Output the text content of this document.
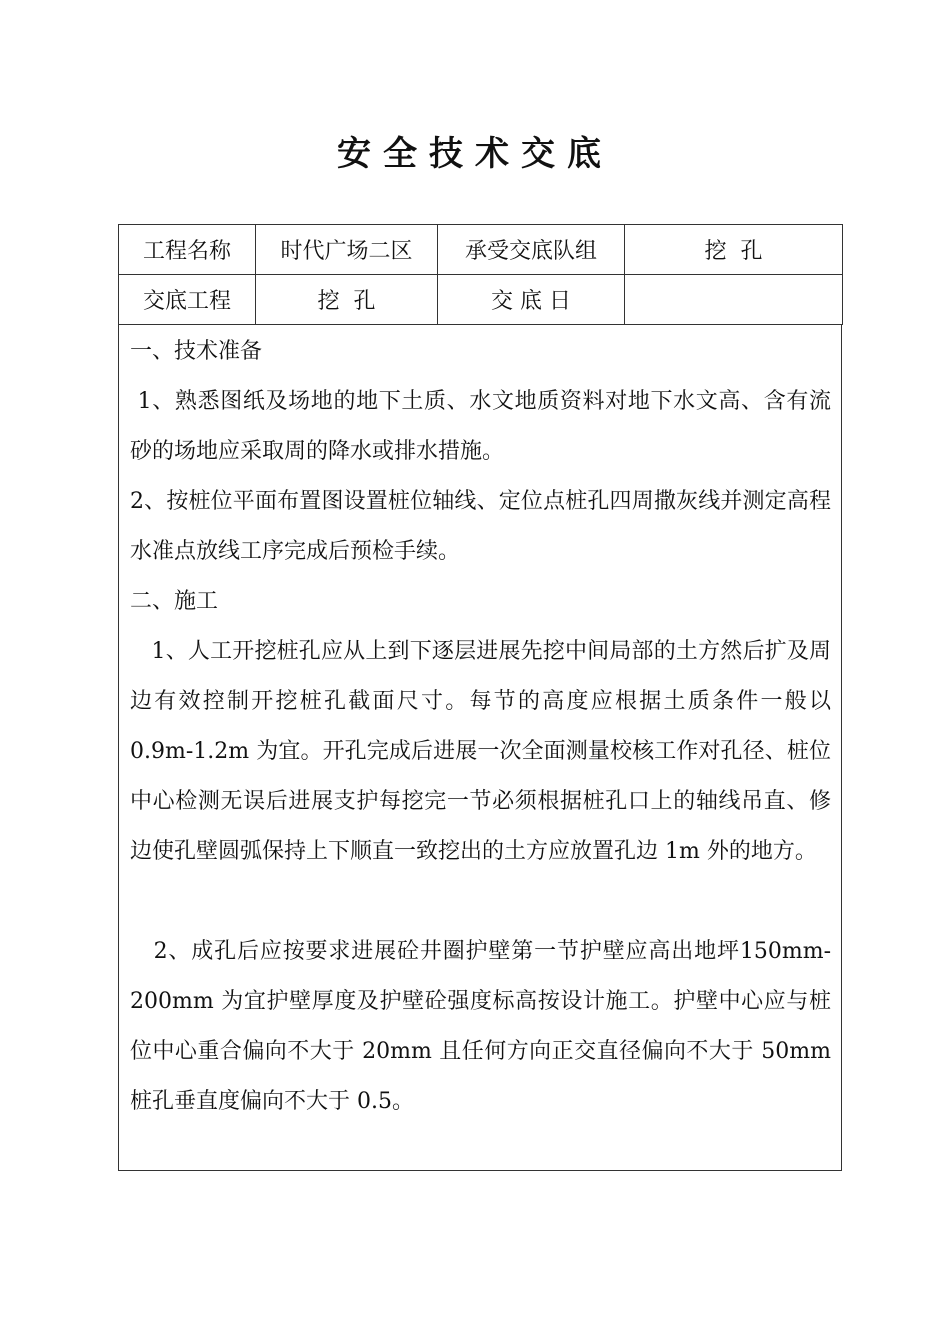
安全技术交底
工程名称	时代广场二区	承受交底队组	挖  孔
交底工程	挖  孔	交 底 日	
一、技术准备
1、熟悉图纸及场地的地下土质、水文地质资料对地下水文高、含有流砂的场地应采取周的降水或排水措施。
2、按桩位平面布置图设置桩位轴线、定位点桩孔四周撒灰线并测定高程水准点放线工序完成后预检手续。
二、施工
1、人工开挖桩孔应从上到下逐层进展先挖中间局部的土方然后扩及周边有效控制开挖桩孔截面尺寸。每节的高度应根据土质条件一般以 0.9m-1.2m 为宜。开孔完成后进展一次全面测量校核工作对孔径、桩位中心检测无误后进展支护每挖完一节必须根据桩孔口上的轴线吊直、修边使孔壁圆弧保持上下顺直一致挖出的土方应放置孔边 1m 外的地方。
2、成孔后应按要求进展砼井圈护壁第一节护壁应高出地坪150mm-200mm 为宜护壁厚度及护壁砼强度标高按设计施工。护壁中心应与桩位中心重合偏向不大于 20mm 且任何方向正交直径偏向不大于 50mm 桩孔垂直度偏向不大于 0.5。
